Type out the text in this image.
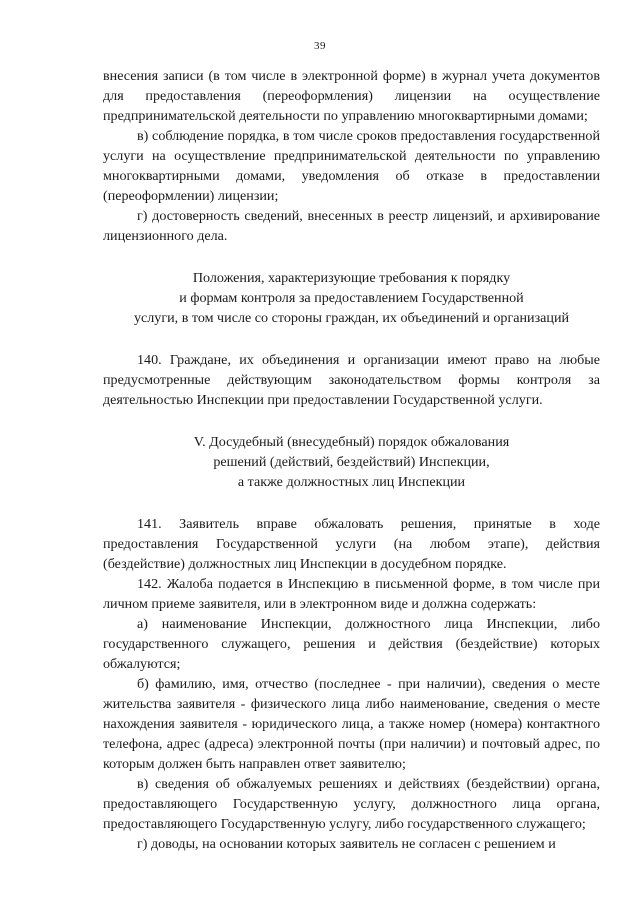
39

внесения записи (в том числе в электронной форме) в журнал учета документов для предоставления (переоформления) лицензии на осуществление предпринимательской деятельности по управлению многоквартирными домами;

в) соблюдение порядка, в том числе сроков предоставления государственной услуги на осуществление предпринимательской деятельности по управлению многоквартирными домами, уведомления об отказе в предоставлении (переоформлении) лицензии;

г) достоверность сведений, внесенных в реестр лицензий, и архивирование лицензионного дела.

Положения, характеризующие требования к порядку
и формам контроля за предоставлением Государственной
услуги, в том числе со стороны граждан, их объединений и организаций

140. Граждане, их объединения и организации имеют право на любые предусмотренные действующим законодательством формы контроля за деятельностью Инспекции при предоставлении Государственной услуги.

V. Досудебный (внесудебный) порядок обжалования
решений (действий, бездействий) Инспекции,
а также должностных лиц Инспекции

141. Заявитель вправе обжаловать решения, принятые в ходе предоставления Государственной услуги (на любом этапе), действия (бездействие) должностных лиц Инспекции в досудебном порядке.

142. Жалоба подается в Инспекцию в письменной форме, в том числе при личном приеме заявителя, или в электронном виде и должна содержать:

а) наименование Инспекции, должностного лица Инспекции, либо государственного служащего, решения и действия (бездействие) которых обжалуются;

б) фамилию, имя, отчество (последнее - при наличии), сведения о месте жительства заявителя - физического лица либо наименование, сведения о месте нахождения заявителя - юридического лица, а также номер (номера) контактного телефона, адрес (адреса) электронной почты (при наличии) и почтовый адрес, по которым должен быть направлен ответ заявителю;

в) сведения об обжалуемых решениях и действиях (бездействии) органа, предоставляющего Государственную услугу, должностного лица органа, предоставляющего Государственную услугу, либо государственного служащего;

г) доводы, на основании которых заявитель не согласен с решением и
